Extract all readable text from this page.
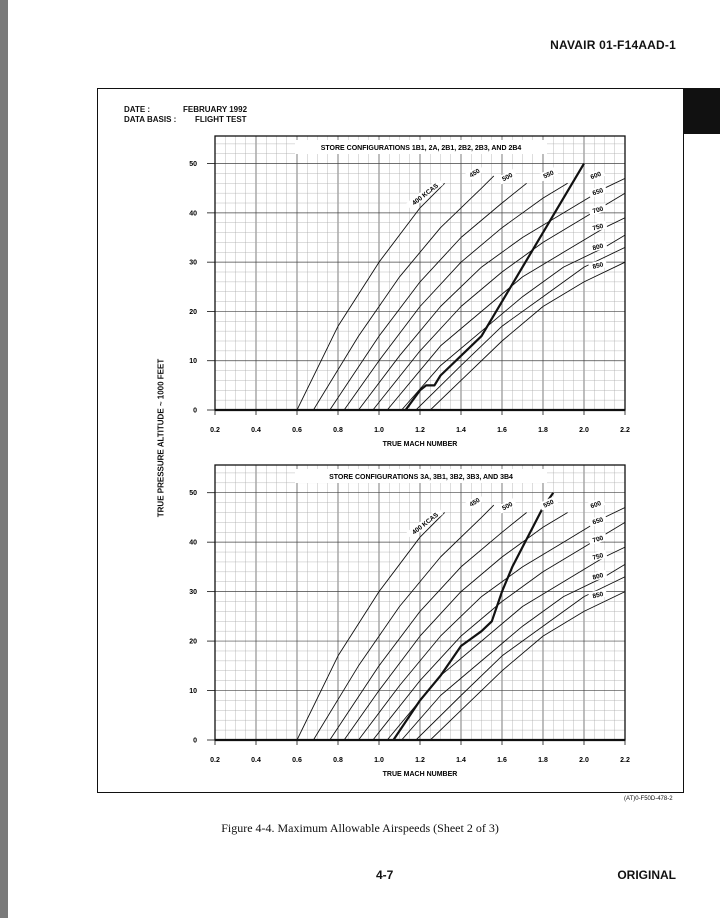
NAVAIR 01-F14AAD-1
DATE :	FEBRUARY 1992
DATA BASIS : FLIGHT TEST
TRUE PRESSURE ALTITUDE ~ 1000 FEET
STORE CONFIGURATIONS 1B1, 2A, 2B1, 2B2, 2B3, AND 2B4
0.2	0.4	0.6	0.8	1.0	1.2	1.4	1.6	1.8	2.0	2.2
0
10
20
30
40
50
TRUE MACH NUMBER
400 KCAS
450	500	550	600
650
700
750
800
850
STORE CONFIGURATIONS 3A, 3B1, 3B2, 3B3, AND 3B4
0.2	0.4	0.6	0.8	1.0	1.2	1.4	1.6	1.8	2.0	2.2
0
10
20
30
40
50
TRUE MACH NUMBER
400 KCAS
450	500	550	600
650
700
750
800
850
(AT)0-F50D-478-2
Figure 4-4. Maximum Allowable Airspeeds (Sheet 2 of 3)
4-7	ORIGINAL
